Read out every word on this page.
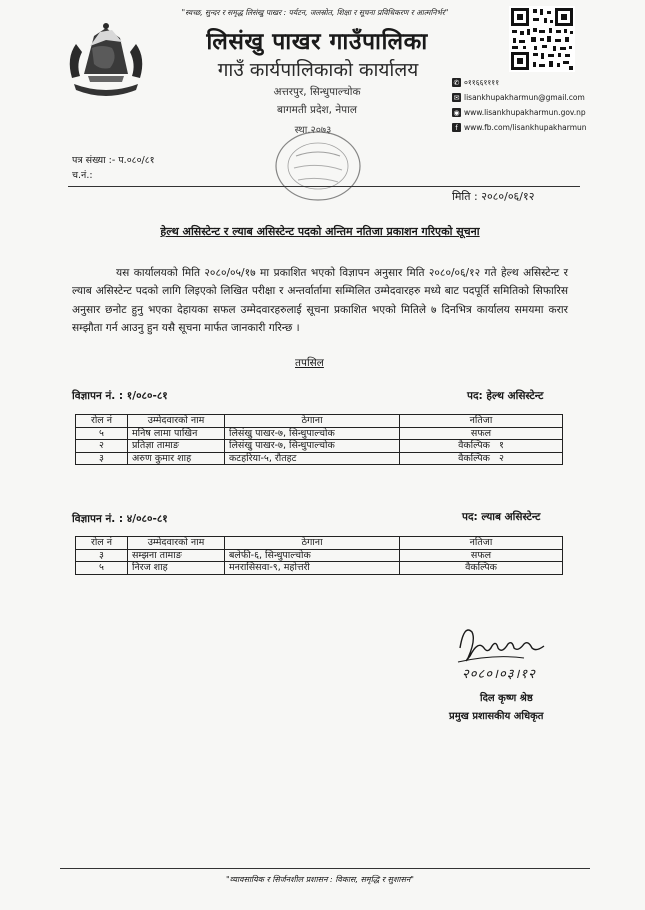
"स्वच्छ, सुन्दर र समृद्ध लिसंखु पाखर : पर्यटन, जलस्रोत, शिक्षा र सूचना प्रविधिकरण र आत्मनिर्भर"
लिसंखु पाखर गाउँपालिका
गाउँ कार्यपालिकाको कार्यालय
अत्तरपुर, सिन्धुपाल्चोक
बागमती प्रदेश, नेपाल
स्था.२०७३
✆ ०११६६११११
✉ lisankhupakharmun@gmail.com
◉ www.lisankhupakharmun.gov.np
f www.fb.com/lisankhupakharmun
पत्र संख्या :- प.०८०/८१
च.नं.:
मिति : २०८०/०६/१२
हेल्थ असिस्टेन्ट र ल्याब असिस्टेन्ट पदको अन्तिम नतिजा प्रकाशन गरिएको सूचना

यस कार्यालयको मिति २०८०/०५/१७ मा प्रकाशित भएको विज्ञापन अनुसार मिति २०८०/०६/१२ गते हेल्थ असिस्टेन्ट र ल्याब असिस्टेन्ट पदको लागि लिइएको लिखित परीक्षा र अन्तर्वार्तामा सम्मिलित उम्मेदवारहरु मध्ये बाट पदपूर्ति समितिको सिफारिस अनुसार छनोट हुनु भएका देहायका सफल उम्मेदवारहरुलाई सूचना प्रकाशित भएको मितिले ७ दिनभित्र कार्यालय समयमा करार सम्झौता गर्न आउनु हुन यसै सूचना मार्फत जानकारी गरिन्छ ।

तपसिल
विज्ञापन नं. : १/०८०-८१	पद: हेल्थ असिस्टेन्ट
रोल नं	उम्मेदवारको नाम	ठेगाना	नतिजा
५	मनिष लामा पाखिन	लिसंखु पाखर-७, सिन्धुपाल्चोक	सफल
२	प्रतिज्ञा तामाङ	लिसंखु पाखर-७, सिन्धुपाल्चोक	वैकल्पिक   १
३	अरुण कुमार शाह	कटहरिया-५, रौतहट	वैकल्पिक   २
विज्ञापन नं. : ४/०८०-८१	पद: ल्याब असिस्टेन्ट
रोल नं	उम्मेदवारको नाम	ठेगाना	नतिजा
३	सम्झना तामाङ	बलेफी-६, सिन्धुपाल्चोक	सफल
५	निरज शाह	मनरासिसवा-९, महोत्तरी	वैकल्पिक
२०८०।०३।१२
दिल कृष्ण श्रेष्ठ
प्रमुख प्रशासकीय अधिकृत
"व्यावसायिक र सिर्जनशील प्रशासन : विकास, समृद्धि र सुशासन"
